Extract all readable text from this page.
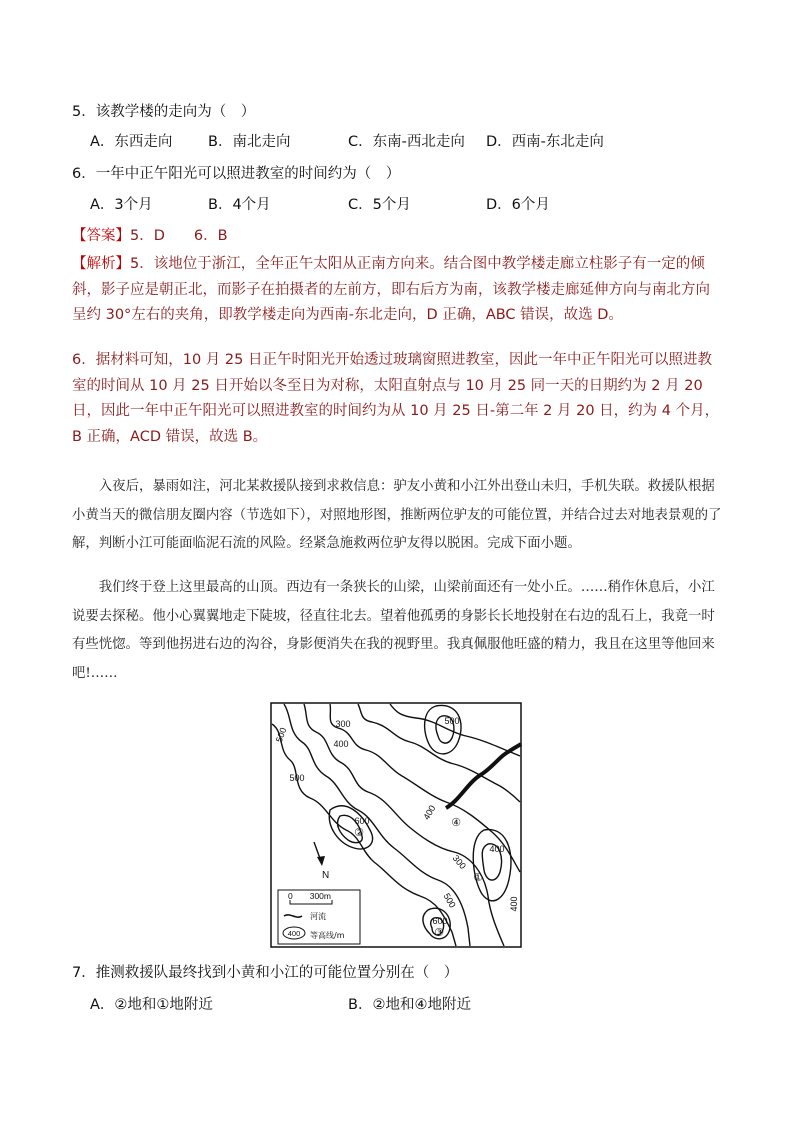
5．该教学楼的走向为（　）
A．东西走向 B．南北走向	C．东南-西北走向 D．西南-东北走向
6．一年中正午阳光可以照进教室的时间约为（　）
A．3个月	B．4个月	C．5个月	D．6个月
【答案】5．D　　6．B
【解析】5．该地位于浙江，全年正午太阳从正南方向来。结合图中教学楼走廊立柱影子有一定的倾斜，影子应是朝正北，而影子在拍摄者的左前方，即右后方为南，该教学楼走廊延伸方向与南北方向呈约 30°左右的夹角，即教学楼走向为西南-东北走向，D 正确，ABC 错误，故选 D。
6．据材料可知，10 月 25 日正午时阳光开始透过玻璃窗照进教室，因此一年中正午阳光可以照进教室的时间从 10 月 25 日开始以冬至日为对称，太阳直射点与 10 月 25 同一天的日期约为 2 月 20 日，因此一年中正午阳光可以照进教室的时间约为从 10 月 25 日-第二年 2 月 20 日，约为 4 个月，B 正确，ACD 错误，故选 B。
入夜后，暴雨如注，河北某救援队接到求救信息：驴友小黄和小江外出登山未归，手机失联。救援队根据小黄当天的微信朋友圈内容（节选如下），对照地形图，推断两位驴友的可能位置，并结合过去对地表景观的了解，判断小江可能面临泥石流的风险。经紧急施救两位驴友得以脱困。完成下面小题。
我们终于登上这里最高的山顶。西边有一条狭长的山梁，山梁前面还有一处小丘。……稍作休息后，小江说要去探秘。他小心翼翼地走下陡坡，径直往北去。望着他孤勇的身影长长地投射在右边的乱石上，我竟一时有些恍惚。等到他拐进右边的沟谷，身影便消失在我的视野里。我真佩服他旺盛的精力，我且在这里等他回来吧!……
500
300
400
500
500
600	400
300
400
500	400
600
①
②
③
④
N
0　　300m
河流
400 等高线/m
7．推测救援队最终找到小黄和小江的可能位置分别在（　）
A．②地和①地附近	B．②地和④地附近
